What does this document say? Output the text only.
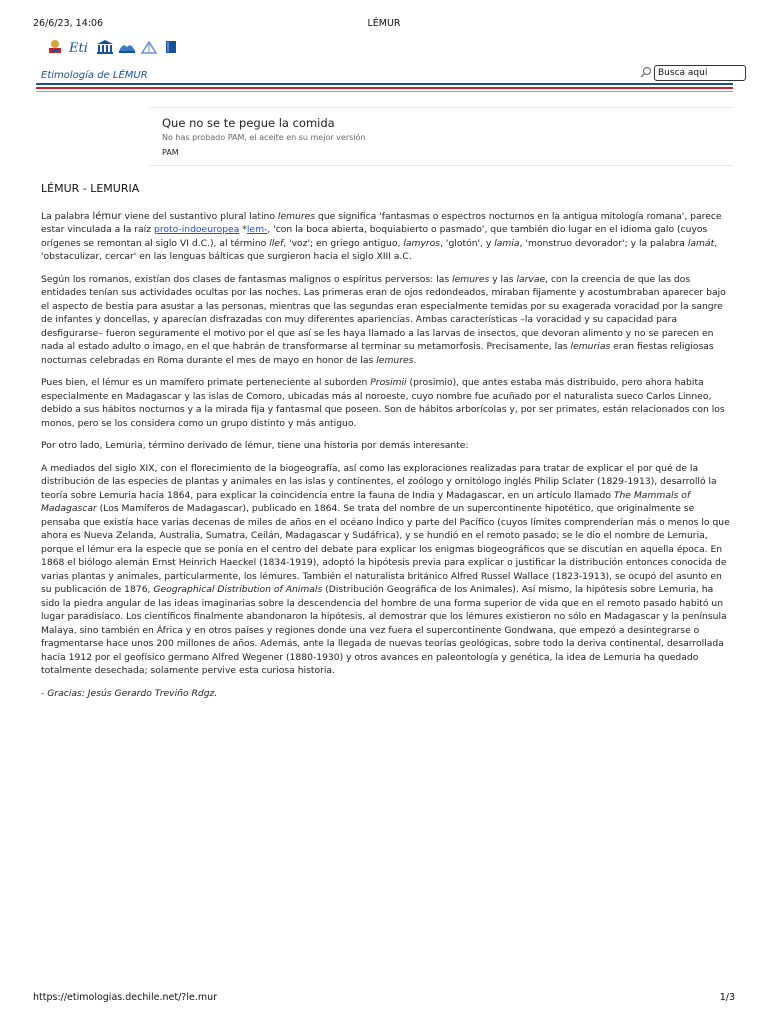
26/6/23, 14:06	LÉMUR
Eti
Etimología de LÉMUR
Busca aquí
Que no se te pegue la comida
No has probado PAM, el aceite en su mejor versión
PAM
LÉMUR - LEMURIA

La palabra lémur viene del sustantivo plural latino lemures que significa 'fantasmas o espectros nocturnos en la antigua mitología romana', parece estar vinculada a la raíz proto-indoeuropea *lem-, 'con la boca abierta, boquiabierto o pasmado', que también dio lugar en el idioma galo (cuyos orígenes se remontan al siglo VI d.C.), al término llef, 'voz'; en griego antiguo, lamyros, 'glotón', y lamia, 'monstruo devorador'; y la palabra lamát, 'obstaculizar, cercar' en las lenguas bálticas que surgieron hacia el siglo XIII a.C.

Según los romanos, existían dos clases de fantasmas malignos o espíritus perversos: las lemures y las larvae, con la creencia de que las dos entidades tenían sus actividades ocultas por las noches. Las primeras eran de ojos redondeados, miraban fijamente y acostumbraban aparecer bajo el aspecto de bestia para asustar a las personas, mientras que las segundas eran especialmente temidas por su exagerada voracidad por la sangre de infantes y doncellas, y aparecían disfrazadas con muy diferentes apariencias. Ambas características –la voracidad y su capacidad para desfigurarse– fueron seguramente el motivo por el que así se les haya llamado a las larvas de insectos, que devoran alimento y no se parecen en nada al estado adulto o imago, en el que habrán de transformarse al terminar su metamorfosis. Precisamente, las lemurias eran fiestas religiosas nocturnas celebradas en Roma durante el mes de mayo en honor de las lemures.

Pues bien, el lémur es un mamífero primate perteneciente al suborden Prosimii (prosimio), que antes estaba más distribuido, pero ahora habita especialmente en Madagascar y las islas de Comoro, ubicadas más al noroeste, cuyo nombre fue acuñado por el naturalista sueco Carlos Linneo, debido a sus hábitos nocturnos y a la mirada fija y fantasmal que poseen. Son de hábitos arborícolas y, por ser primates, están relacionados con los monos, pero se los considera como un grupo distinto y más antiguo.

Por otro lado, Lemuria, término derivado de lémur, tiene una historia por demás interesante:

A mediados del siglo XIX, con el florecimiento de la biogeografía, así como las exploraciones realizadas para tratar de explicar el por qué de la distribución de las especies de plantas y animales en las islas y continentes, el zoólogo y ornitólogo inglés Philip Sclater (1829-1913), desarrolló la teoría sobre Lemuria hacia 1864, para explicar la coincidencia entre la fauna de India y Madagascar, en un artículo llamado The Mammals of Madagascar (Los Mamíferos de Madagascar), publicado en 1864. Se trata del nombre de un supercontinente hipotético, que originalmente se pensaba que existía hace varias decenas de miles de años en el océano Índico y parte del Pacífico (cuyos límites comprenderían más o menos lo que ahora es Nueva Zelanda, Australia, Sumatra, Ceilán, Madagascar y Sudáfrica), y se hundió en el remoto pasado; se le dio el nombre de Lemuria, porque el lémur era la especie que se ponía en el centro del debate para explicar los enigmas biogeográficos que se discutían en aquella época. En 1868 el biólogo alemán Ernst Heinrich Haeckel (1834-1919), adoptó la hipótesis previa para explicar o justificar la distribución entonces conocida de varias plantas y animales, particularmente, los lémures. También el naturalista británico Alfred Russel Wallace (1823-1913), se ocupó del asunto en su publicación de 1876, Geographical Distribution of Animals (Distribución Geográfica de los Animales). Así mismo, la hipótesis sobre Lemuria, ha sido la piedra angular de las ideas imaginarias sobre la descendencia del hombre de una forma superior de vida que en el remoto pasado habitó un lugar paradisíaco. Los científicos finalmente abandonaron la hipótesis, al demostrar que los lémures existieron no sólo en Madagascar y la península Malaya, sino también en África y en otros países y regiones donde una vez fuera el supercontinente Gondwana, que empezó a desintegrarse o fragmentarse hace unos 200 millones de años. Además, ante la llegada de nuevas teorías geológicas, sobre todo la deriva continental, desarrollada hacia 1912 por el geofísico germano Alfred Wegener (1880-1930) y otros avances en paleontología y genética, la idea de Lemuria ha quedado totalmente desechada; solamente pervive esta curiosa historia.

- Gracias: Jesús Gerardo Treviño Rdgz.

https://etimologias.dechile.net/?le.mur	1/3
